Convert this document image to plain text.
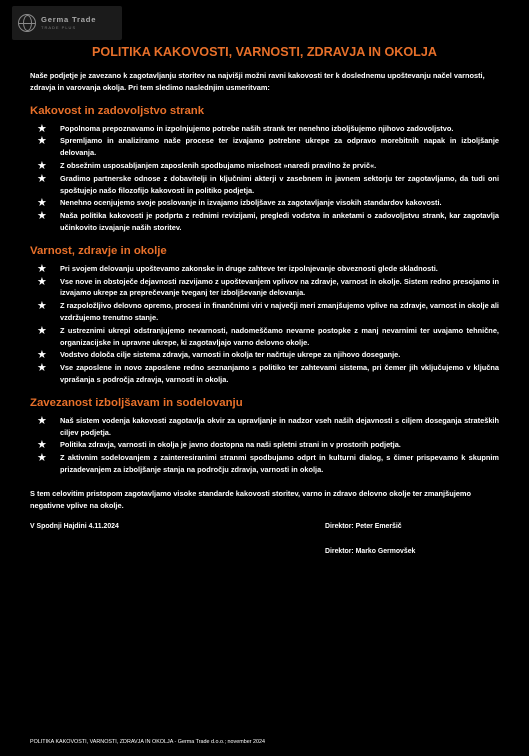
Germa Trade
TRADE PLUS
POLITIKA KAKOVOSTI, VARNOSTI, ZDRAVJA IN OKOLJA

Naše podjetje je zavezano k zagotavljanju storitev na najvišji možni ravni kakovosti ter k doslednemu upoštevanju načel varnosti, zdravja in varovanja okolja. Pri tem sledimo naslednjim usmeritvam:

Kakovost in zadovoljstvo strank
★ Popolnoma prepoznavamo in izpolnjujemo potrebe naših strank ter nenehno izboljšujemo njihovo zadovoljstvo.
★ Spremljamo in analiziramo naše procese ter izvajamo potrebne ukrepe za odpravo morebitnih napak in izboljšanje delovanja.
★ Z obsežnim usposabljanjem zaposlenih spodbujamo miselnost »naredi pravilno že prvič«.
★ Gradimo partnerske odnose z dobavitelji in ključnimi akterji v zasebnem in javnem sektorju ter zagotavljamo, da tudi oni spoštujejo našo filozofijo kakovosti in politiko podjetja.
★ Nenehno ocenjujemo svoje poslovanje in izvajamo izboljšave za zagotavljanje visokih standardov kakovosti.
★ Naša politika kakovosti je podprta z rednimi revizijami, pregledi vodstva in anketami o zadovoljstvu strank, kar zagotavlja učinkovito izvajanje naših storitev.
Varnost, zdravje in okolje
★ Pri svojem delovanju upoštevamo zakonske in druge zahteve ter izpolnjevanje obveznosti glede skladnosti.
★ Vse nove in obstoječe dejavnosti razvijamo z upoštevanjem vplivov na zdravje, varnost in okolje. Sistem redno presojamo in izvajamo ukrepe za preprečevanje tveganj ter izboljševanje delovanja.
★ Z razpoložljivo delovno opremo, procesi in finančnimi viri v največji meri zmanjšujemo vplive na zdravje, varnost in okolje ali vzdržujemo trenutno stanje.
★ Z ustreznimi ukrepi odstranjujemo nevarnosti, nadomeščamo nevarne postopke z manj nevarnimi ter uvajamo tehnične, organizacijske in upravne ukrepe, ki zagotavljajo varno delovno okolje.
★ Vodstvo določa cilje sistema zdravja, varnosti in okolja ter načrtuje ukrepe za njihovo doseganje.
★ Vse zaposlene in novo zaposlene redno seznanjamo s politiko ter zahtevami sistema, pri čemer jih vključujemo v ključna vprašanja s področja zdravja, varnosti in okolja.
Zavezanost izboljšavam in sodelovanju
★ Naš sistem vodenja kakovosti zagotavlja okvir za upravljanje in nadzor vseh naših dejavnosti s ciljem doseganja strateških ciljev podjetja.
★ Politika zdravja, varnosti in okolja je javno dostopna na naši spletni strani in v prostorih podjetja.
★ Z aktivnim sodelovanjem z zainteresiranimi stranmi spodbujamo odprt in kulturni dialog, s čimer prispevamo k skupnim prizadevanjem za izboljšanje stanja na področju zdravja, varnosti in okolja.

S tem celovitim pristopom zagotavljamo visoke standarde kakovosti storitev, varno in zdravo delovno okolje ter zmanjšujemo negativne vplive na okolje.

V Spodnji Hajdini 4.11.2024	Direktor: Peter Emeršič
Direktor: Marko Germovšek
POLITIKA KAKOVOSTI, VARNOSTI, ZDRAVJA IN OKOLJA - Germa Trade d.o.o.; november 2024
